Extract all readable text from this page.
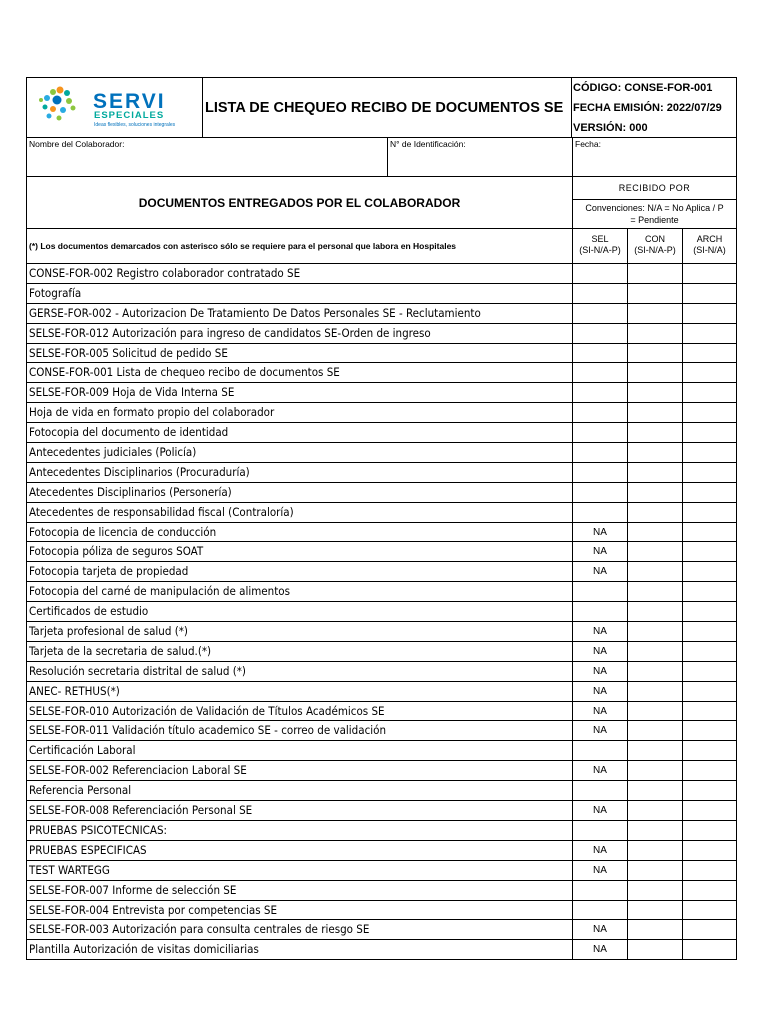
SERVI
ESPECIALES
Ideas flexibles, soluciones integrales
LISTA DE CHEQUEO RECIBO DE DOCUMENTOS SE
CÓDIGO: CONSE-FOR-001
FECHA EMISIÓN: 2022/07/29
VERSIÓN: 000
Nombre del Colaborador:	N° de Identificación:	Fecha:
DOCUMENTOS ENTREGADOS POR EL COLABORADOR
(*) Los documentos demarcados con asterisco sólo se requiere para el personal que labora en Hospitales
RECIBIDO POR
Convenciones: N/A = No Aplica / P
= Pendiente
SEL
(SI-N/A-P)
CON
(SI-N/A-P)
ARCH
(SI-N/A)
CONSE-FOR-002 Registro colaborador contratado SE
Fotografía
GERSE-FOR-002 - Autorizacion De Tratamiento De Datos Personales SE - Reclutamiento
SELSE-FOR-012 Autorización para ingreso de candidatos SE-Orden de ingreso
SELSE-FOR-005 Solicitud de pedido SE
CONSE-FOR-001 Lista de chequeo recibo de documentos SE
SELSE-FOR-009 Hoja de Vida Interna SE
Hoja de vida en formato propio del colaborador
Fotocopia del documento de identidad
Antecedentes judiciales (Policía)
Antecedentes Disciplinarios (Procuraduría)
Atecedentes Disciplinarios (Personería)
Atecedentes de responsabilidad fiscal (Contraloría)
Fotocopia de licencia de conducción	NA
Fotocopia póliza de seguros SOAT	NA
Fotocopia tarjeta de propiedad	NA
Fotocopia del carné de manipulación de alimentos
Certificados de estudio
Tarjeta profesional de salud (*)	NA
Tarjeta de la secretaria de salud.(*)	NA
Resolución secretaria distrital de salud (*)	NA
ANEC- RETHUS(*)	NA
SELSE-FOR-010 Autorización de Validación de Títulos Académicos SE	NA
SELSE-FOR-011 Validación título academico SE - correo de validación	NA
Certificación Laboral
SELSE-FOR-002 Referenciacion Laboral SE	NA
Referencia Personal
SELSE-FOR-008 Referenciación Personal SE	NA
PRUEBAS PSICOTECNICAS:
PRUEBAS ESPECIFICAS	NA
TEST WARTEGG	NA
SELSE-FOR-007 Informe de selección SE
SELSE-FOR-004 Entrevista por competencias SE
SELSE-FOR-003 Autorización para consulta centrales de riesgo SE	NA
Plantilla Autorización de visitas domiciliarias	NA
